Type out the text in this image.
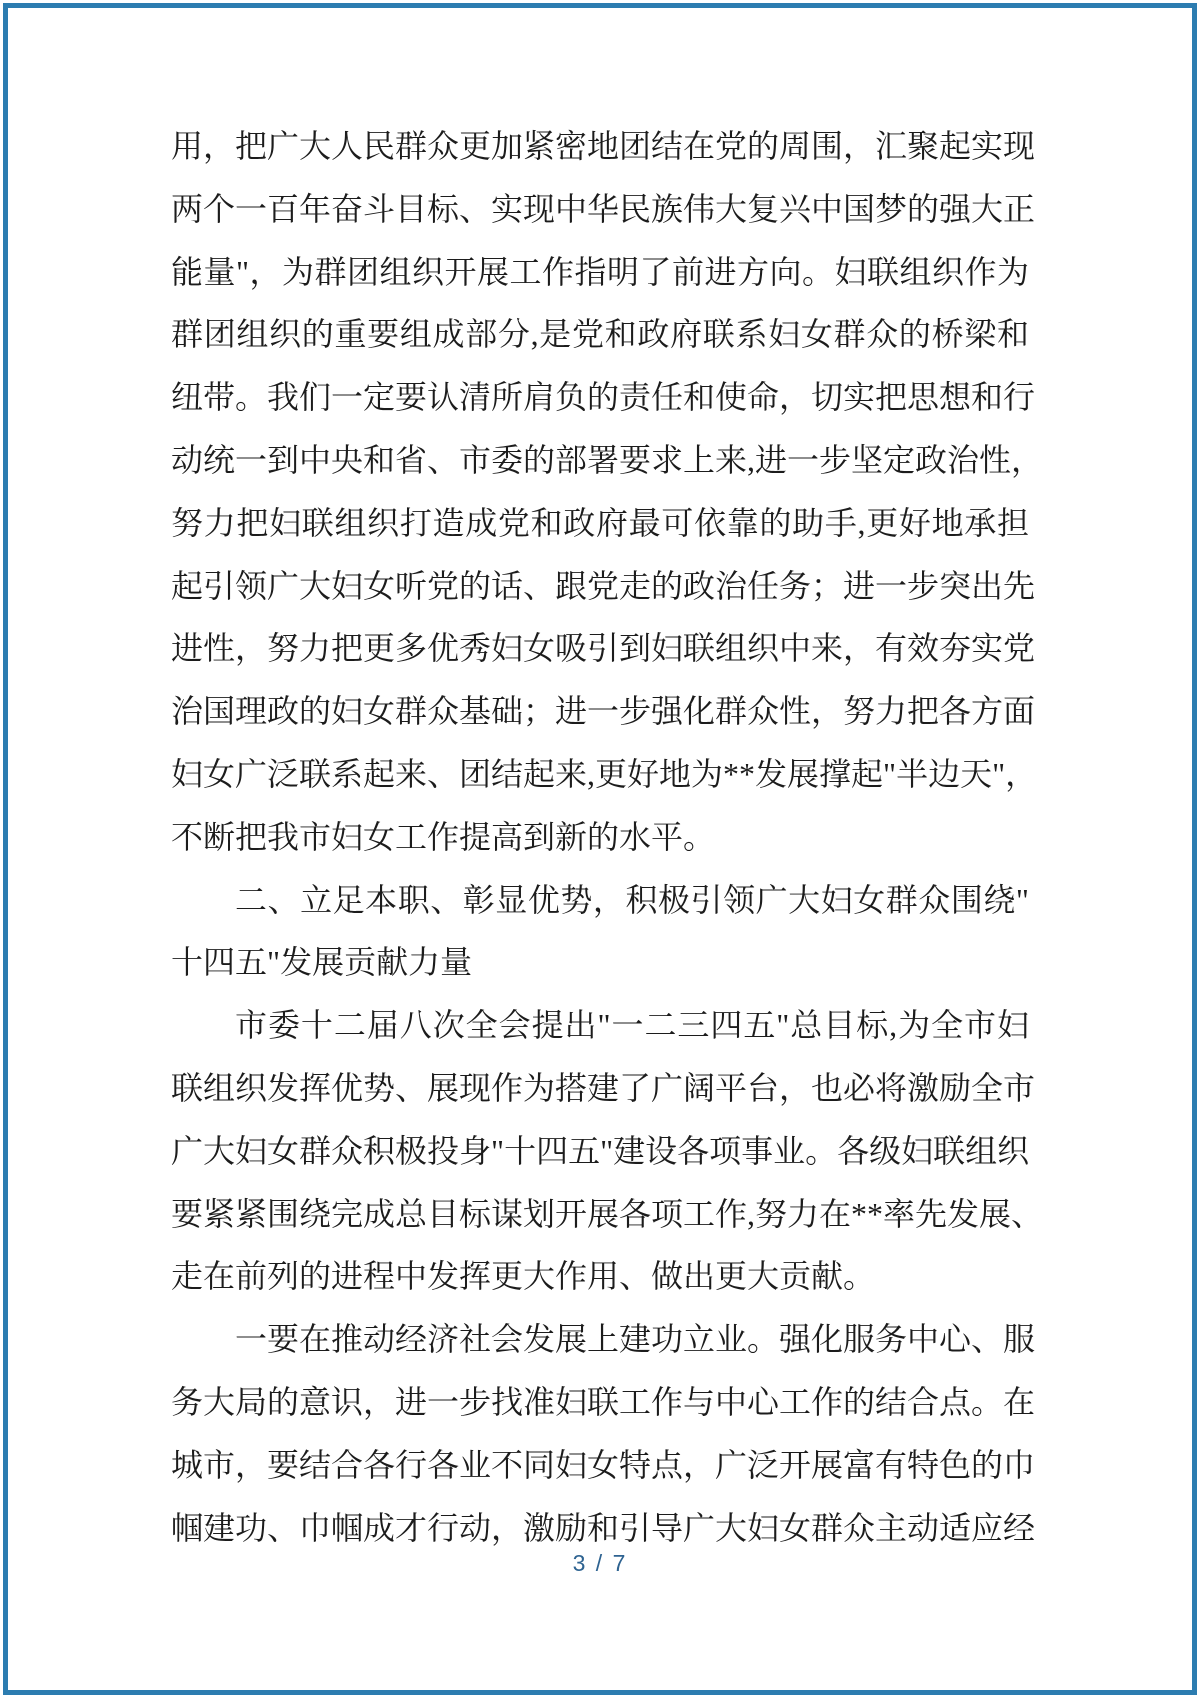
用，把广大人民群众更加紧密地团结在党的周围，汇聚起实现
两个一百年奋斗目标、实现中华民族伟大复兴中国梦的强大正
能量"，为群团组织开展工作指明了前进方向。妇联组织作为
群团组织的重要组成部分,是党和政府联系妇女群众的桥梁和
纽带。我们一定要认清所肩负的责任和使命，切实把思想和行
动统一到中央和省、市委的部署要求上来,进一步坚定政治性，
努力把妇联组织打造成党和政府最可依靠的助手,更好地承担
起引领广大妇女听党的话、跟党走的政治任务；进一步突出先
进性，努力把更多优秀妇女吸引到妇联组织中来，有效夯实党
治国理政的妇女群众基础；进一步强化群众性，努力把各方面
妇女广泛联系起来、团结起来,更好地为**发展撑起"半边天"，
不断把我市妇女工作提高到新的水平。
二、立足本职、彰显优势，积极引领广大妇女群众围绕"
十四五"发展贡献力量
市委十二届八次全会提出"一二三四五"总目标,为全市妇
联组织发挥优势、展现作为搭建了广阔平台，也必将激励全市
广大妇女群众积极投身"十四五"建设各项事业。各级妇联组织
要紧紧围绕完成总目标谋划开展各项工作,努力在**率先发展、
走在前列的进程中发挥更大作用、做出更大贡献。
一要在推动经济社会发展上建功立业。强化服务中心、服
务大局的意识，进一步找准妇联工作与中心工作的结合点。在
城市，要结合各行各业不同妇女特点，广泛开展富有特色的巾
帼建功、巾帼成才行动，激励和引导广大妇女群众主动适应经
3 / 7
